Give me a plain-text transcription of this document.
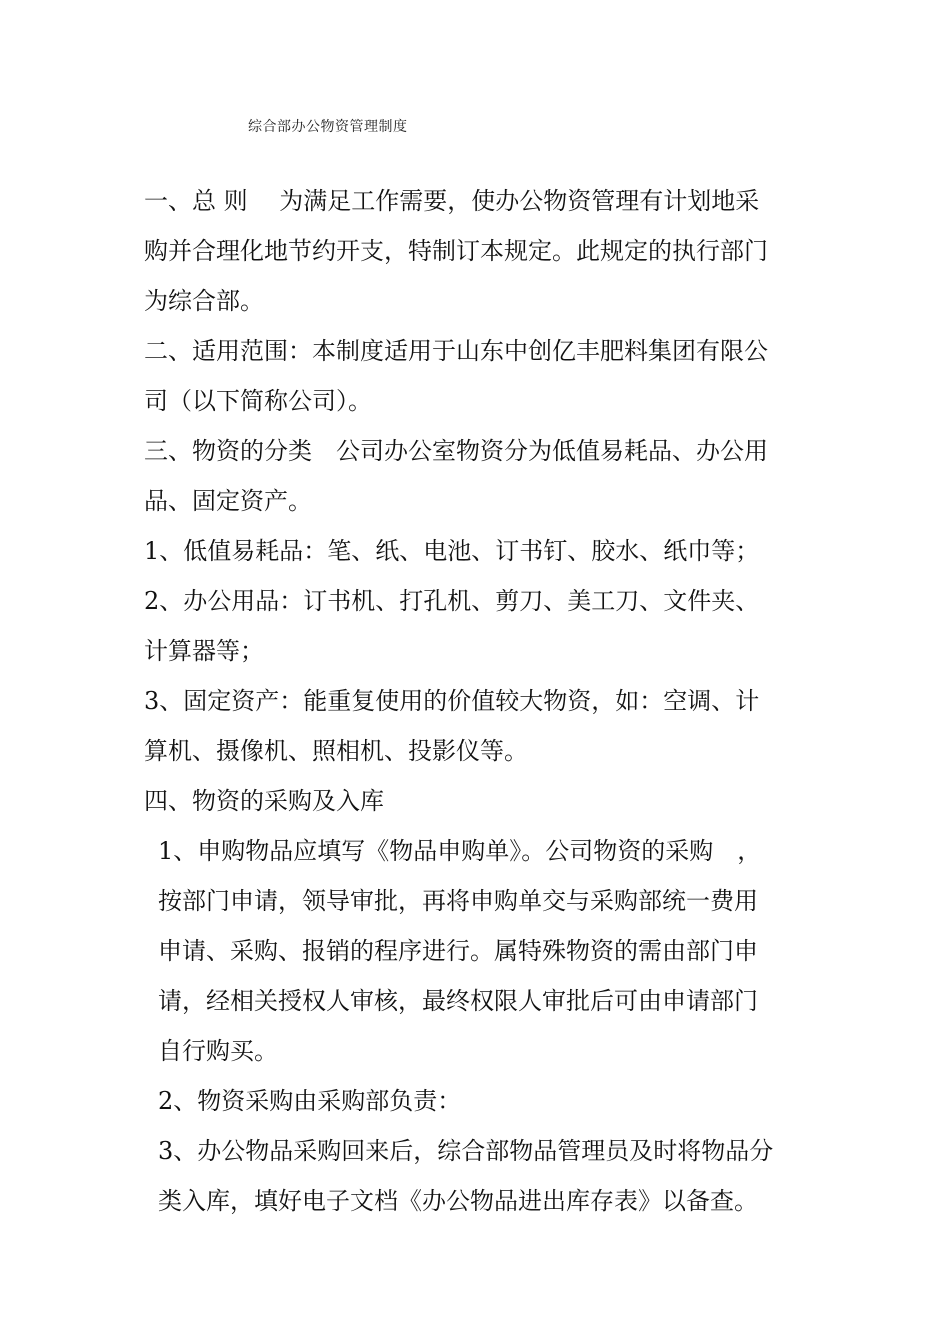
综合部办公物资管理制度
一、总 则　 为满足工作需要，使办公物资管理有计划地采
购并合理化地节约开支，特制订本规定。此规定的执行部门
为综合部。
二、适用范围：本制度适用于山东中创亿丰肥料集团有限公
司（以下简称公司）。
三、物资的分类　公司办公室物资分为低值易耗品、办公用
品、固定资产。
1、低值易耗品：笔、纸、电池、订书钉、胶水、纸巾等；
2、办公用品：订书机、打孔机、剪刀、美工刀、文件夹、
计算器等；
3、固定资产：能重复使用的价值较大物资，如：空调、计
算机、摄像机、照相机、投影仪等。
四、物资的采购及入库
1、申购物品应填写《物品申购单》。公司物资的采购　，
按部门申请，领导审批，再将申购单交与采购部统一费用
申请、采购、报销的程序进行。属特殊物资的需由部门申
请，经相关授权人审核，最终权限人审批后可由申请部门
自行购买。
2、物资采购由采购部负责：
3、办公物品采购回来后，综合部物品管理员及时将物品分
类入库，填好电子文档《办公物品进出库存表》以备查。
